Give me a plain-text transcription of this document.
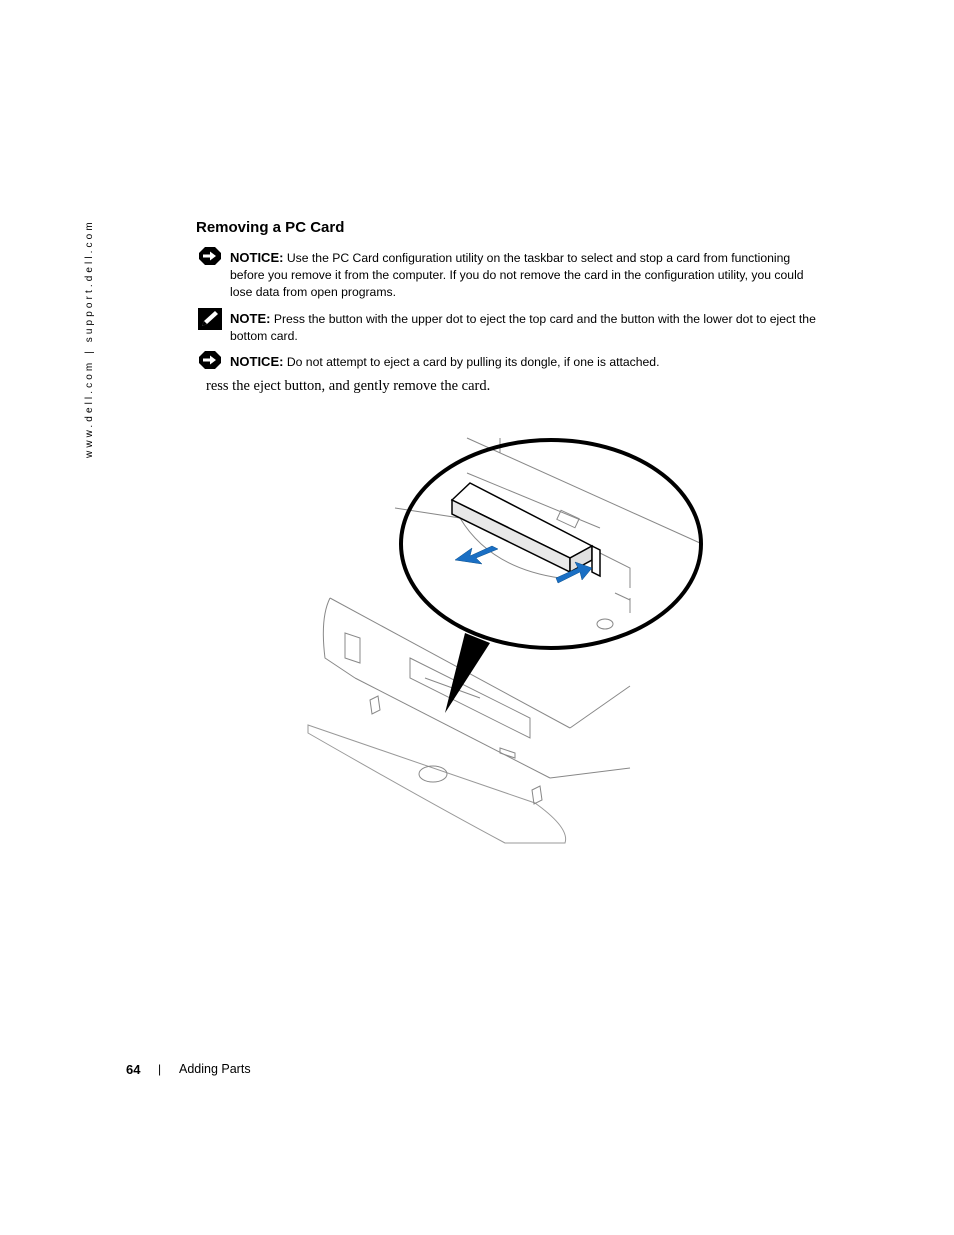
www.dell.com | support.dell.com	Removing a PC Card
NOTICE: Use the PC Card configuration utility on the taskbar to select and stop a card from functioning before you remove it from the computer. If you do not remove the card in the configuration utility, you could lose data from open programs.
NOTE: Press the button with the upper dot to eject the top card and the button with the lower dot to eject the bottom card.
NOTICE: Do not attempt to eject a card by pulling its dongle, if one is attached.
ress the eject button, and gently remove the card.
64 | Adding Parts
